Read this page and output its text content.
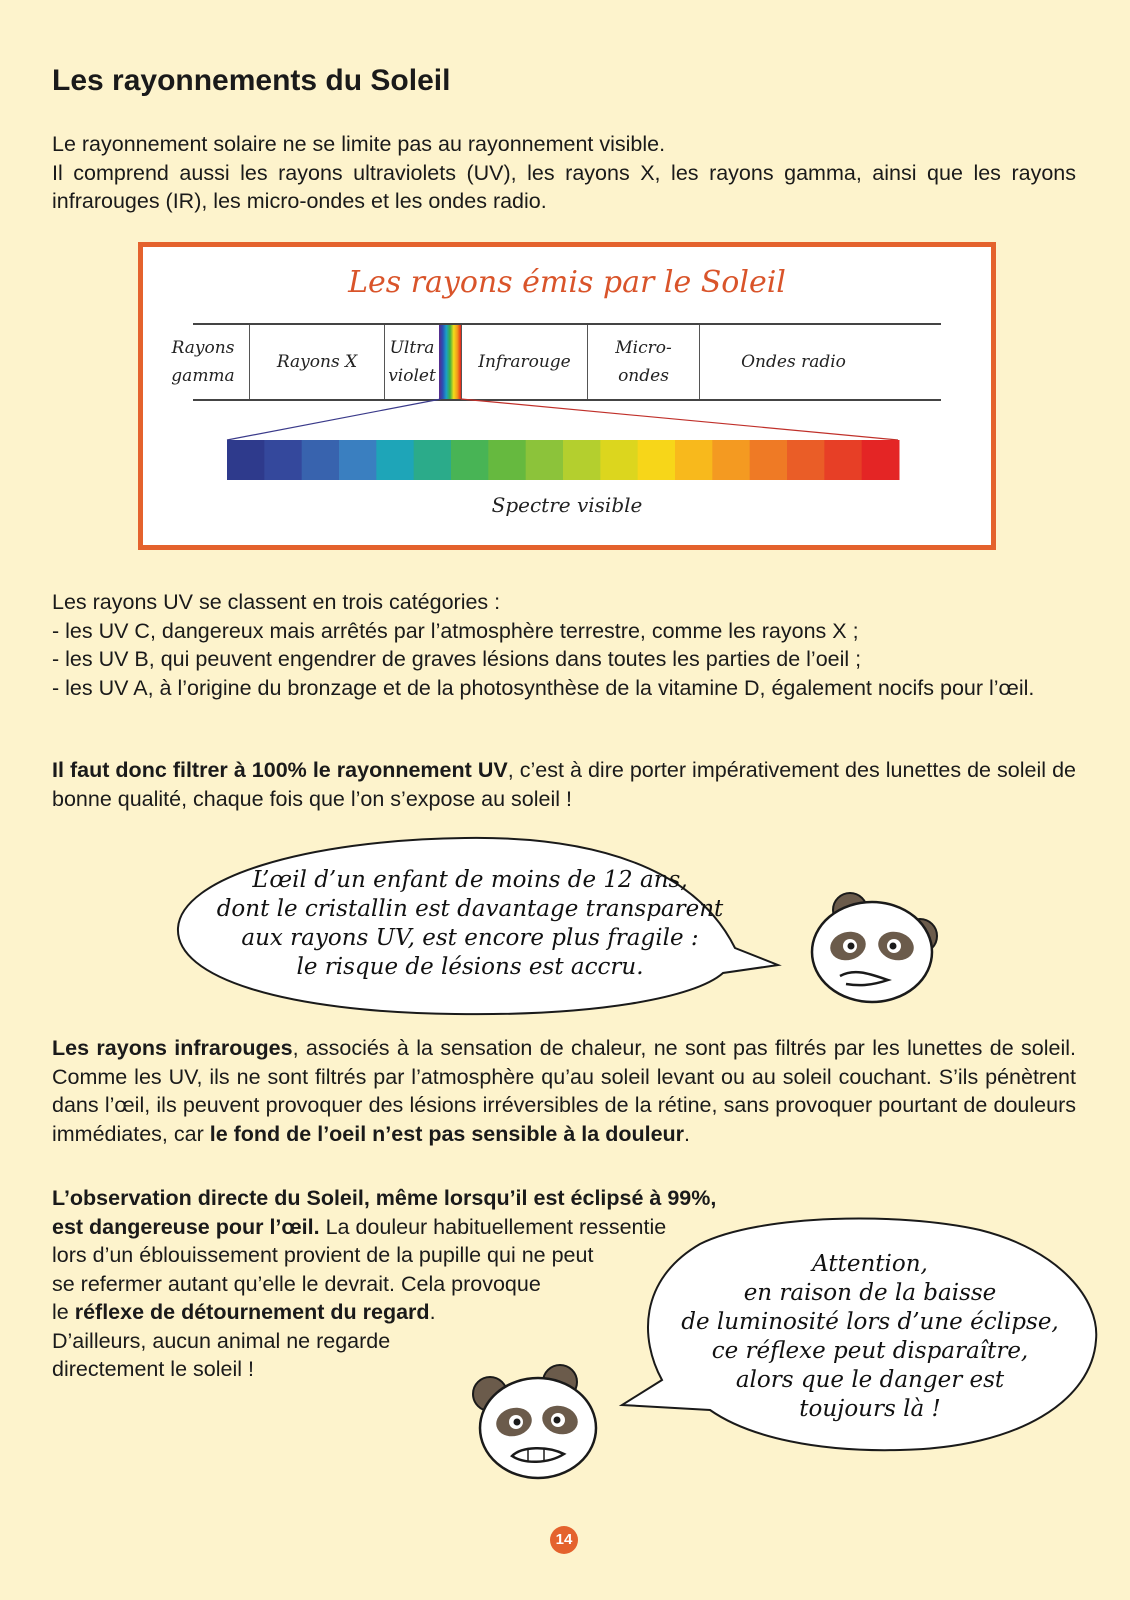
Les rayonnements du Soleil
Le rayonnement solaire ne se limite pas au rayonnement visible.
Il comprend aussi les rayons ultraviolets (UV), les rayons X, les rayons gamma, ainsi que les rayons infrarouges (IR), les micro-ondes et les ondes radio.
Les rayons émis par le Soleil
Rayons
gamma
Rayons X
Ultra
violet
Infrarouge
Micro-
ondes
Ondes radio
Spectre visible
Les rayons UV se classent en trois catégories :
- les UV C, dangereux mais arrêtés par l’atmosphère terrestre, comme les rayons X ;
- les UV B, qui peuvent engendrer de graves lésions dans toutes les parties de l’oeil ;
- les UV A, à l’origine du bronzage et de la photosynthèse de la vitamine D, également nocifs pour l’œil.
Il faut donc filtrer à 100% le rayonnement UV, c’est à dire porter impérativement des lunettes de soleil de bonne qualité, chaque fois que l’on s’expose au soleil !
L’œil d’un enfant de moins de 12 ans,
dont le cristallin est davantage transparent
aux rayons UV, est encore plus fragile :
le risque de lésions est accru.
Les rayons infrarouges, associés à la sensation de chaleur, ne sont pas filtrés par les lunettes de soleil. Comme les UV, ils ne sont filtrés par l’atmosphère qu’au soleil levant ou au soleil couchant. S’ils pénètrent dans l’œil, ils peuvent provoquer des lésions irréversibles de la rétine, sans provoquer pourtant de douleurs immédiates, car le fond de l’oeil n’est pas sensible à la douleur.
L’observation directe du Soleil, même lorsqu’il est éclipsé à 99%,
est dangereuse pour l’œil. La douleur habituellement ressentie
lors d’un éblouissement provient de la pupille qui ne peut
se refermer autant qu’elle le devrait. Cela provoque
le réflexe de détournement du regard.
D’ailleurs, aucun animal ne regarde
directement le soleil !
Attention,
en raison de la baisse
de luminosité lors d’une éclipse,
ce réflexe peut disparaître,
alors que le danger est
toujours là !
14
